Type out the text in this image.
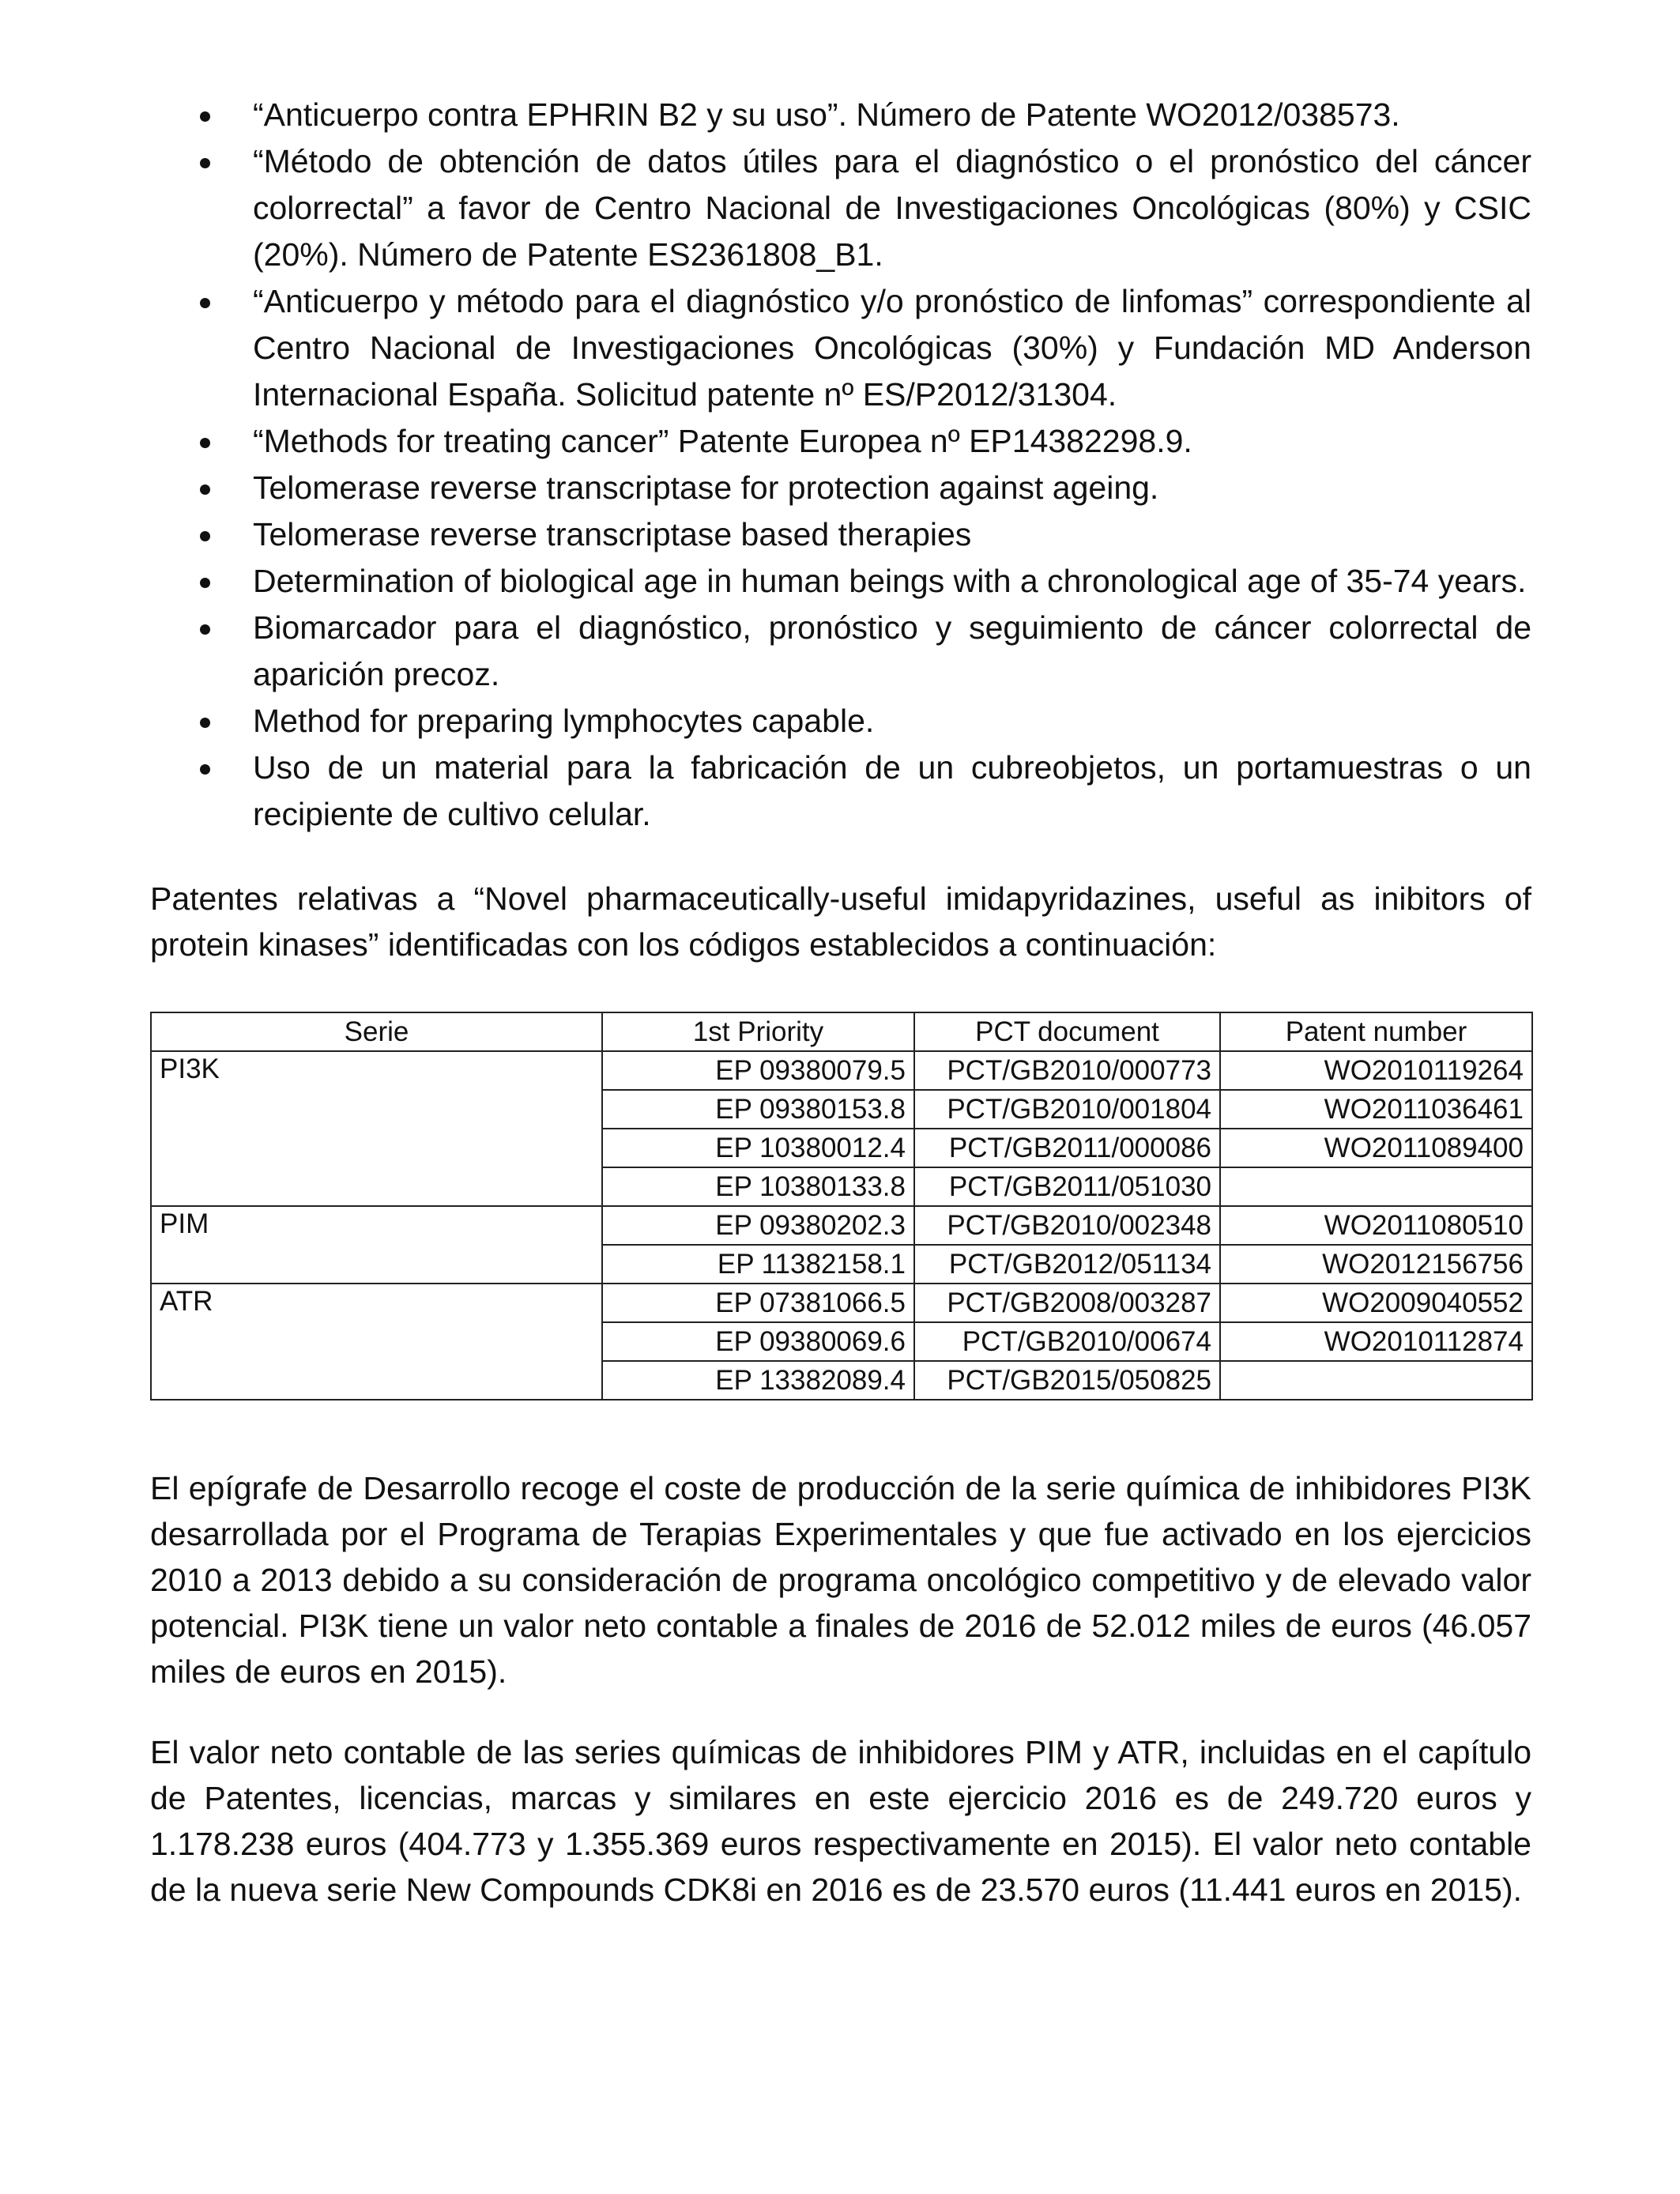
“Anticuerpo contra EPHRIN B2 y su uso”. Número de Patente WO2012/038573.
“Método de obtención de datos útiles para el diagnóstico o el pronóstico del cáncer colorrectal” a favor de Centro Nacional de Investigaciones Oncológicas (80%) y CSIC (20%). Número de Patente ES2361808_B1.
“Anticuerpo y método para el diagnóstico y/o pronóstico de linfomas” correspondiente al Centro Nacional de Investigaciones Oncológicas (30%) y Fundación MD Anderson Internacional España. Solicitud patente nº ES/P2012/31304.
“Methods for treating cancer” Patente Europea nº EP14382298.9.
Telomerase reverse transcriptase for protection against ageing.
Telomerase reverse transcriptase based therapies
Determination of biological age in human beings with a chronological age of 35-74 years.
Biomarcador para el diagnóstico, pronóstico y seguimiento de cáncer colorrectal de aparición precoz.
Method for preparing lymphocytes capable.
Uso de un material para la fabricación de un cubreobjetos, un portamuestras o un recipiente de cultivo celular.

Patentes relativas a “Novel pharmaceutically-useful imidapyridazines, useful as inibitors of protein kinases” identificadas con los códigos establecidos a continuación:

Serie	1st Priority	PCT document	Patent number
PI3K	EP 09380079.5	PCT/GB2010/000773	WO2010119264
	EP 09380153.8	PCT/GB2010/001804	WO2011036461
	EP 10380012.4	PCT/GB2011/000086	WO2011089400
	EP 10380133.8	PCT/GB2011/051030	
PIM	EP 09380202.3	PCT/GB2010/002348	WO2011080510
	EP 11382158.1	PCT/GB2012/051134	WO2012156756
ATR	EP 07381066.5	PCT/GB2008/003287	WO2009040552
	EP 09380069.6	PCT/GB2010/00674	WO2010112874
	EP 13382089.4	PCT/GB2015/050825	

El epígrafe de Desarrollo recoge el coste de producción de la serie química de inhibidores PI3K desarrollada por el Programa de Terapias Experimentales y que fue activado en los ejercicios 2010 a 2013 debido a su consideración de programa oncológico competitivo y de elevado valor potencial. PI3K tiene un valor neto contable a finales de 2016 de 52.012 miles de euros (46.057 miles de euros en 2015).

El valor neto contable de las series químicas de inhibidores PIM y ATR, incluidas en el capítulo de Patentes, licencias, marcas y similares en este ejercicio 2016 es de 249.720 euros y 1.178.238 euros (404.773 y 1.355.369 euros respectivamente en 2015). El valor neto contable de la nueva serie New Compounds CDK8i en 2016 es de 23.570 euros (11.441 euros en 2015).
